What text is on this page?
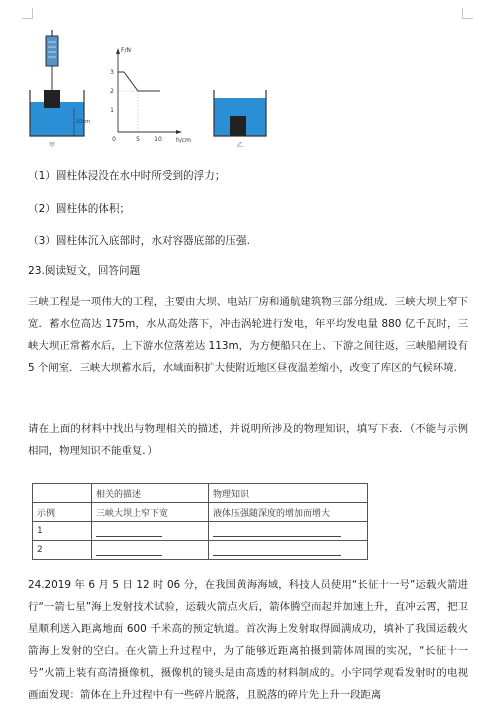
10cm
甲
F/N
h/cm
3
2
1
0	5 10
乙
（1）圆柱体浸没在水中时所受到的浮力；
（2）圆柱体的体积；
（3）圆柱体沉入底部时，水对容器底部的压强.
23.阅读短文，回答问题
三峡工程是一项伟大的工程，主要由大坝、电站厂房和通航建筑物三部分组成．三峡大坝上窄下宽．蓄水位高达 175m，水从高处落下，冲击涡轮进行发电，年平均发电量 880 亿千瓦时，三峡大坝正常蓄水后，上下游水位落差达 113m，为方便船只在上、下游之间往返，三峡船闸设有 5 个闸室．三峡大坝蓄水后，水域面积扩大使附近地区昼夜温差缩小，改变了库区的气候环境.
请在上面的材料中找出与物理相关的描述，并说明所涉及的物理知识，填写下表．（不能与示例相同，物理知识不能重复．）
	相关的描述	物理知识
示例	三峡大坝上窄下宽	液体压强随深度的增加而增大
1		
2		
24.2019 年 6 月 5 日 12 时 06 分，在我国黄海海域，科技人员使用“长征十一号”运载火箭进行“一箭七星”海上发射技术试验，运载火箭点火后，箭体腾空而起并加速上升，直冲云霄，把卫星顺利送入距离地面 600 千米高的预定轨道。首次海上发射取得圆满成功，填补了我国运载火箭海上发射的空白。在火箭上升过程中，为了能够近距离拍摄到箭体周围的实况，“长征十一号”火箭上装有高清摄像机，摄像机的镜头是由高透的材料制成的。小宇同学观看发射时的电视画面发现：箭体在上升过程中有一些碎片脱落，且脱落的碎片先上升一段距离
